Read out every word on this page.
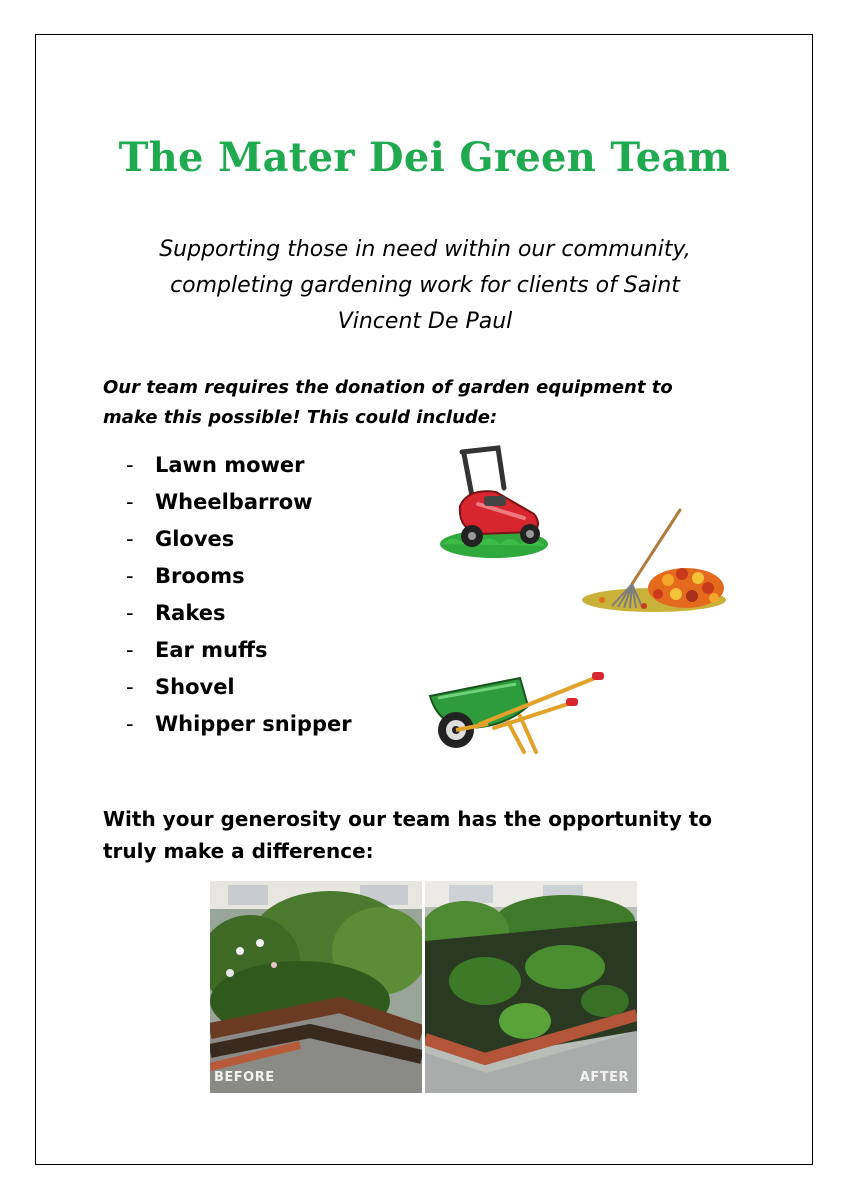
The Mater Dei Green Team
Supporting those in need within our community,
completing gardening work for clients of Saint
Vincent De Paul
Our team requires the donation of garden equipment to
make this possible! This could include:
- Lawn mower
- Wheelbarrow
- Gloves
- Brooms
- Rakes
- Ear muffs
- Shovel
- Whipper snipper
With your generosity our team has the opportunity to
truly make a difference:
BEFORE	AFTER
